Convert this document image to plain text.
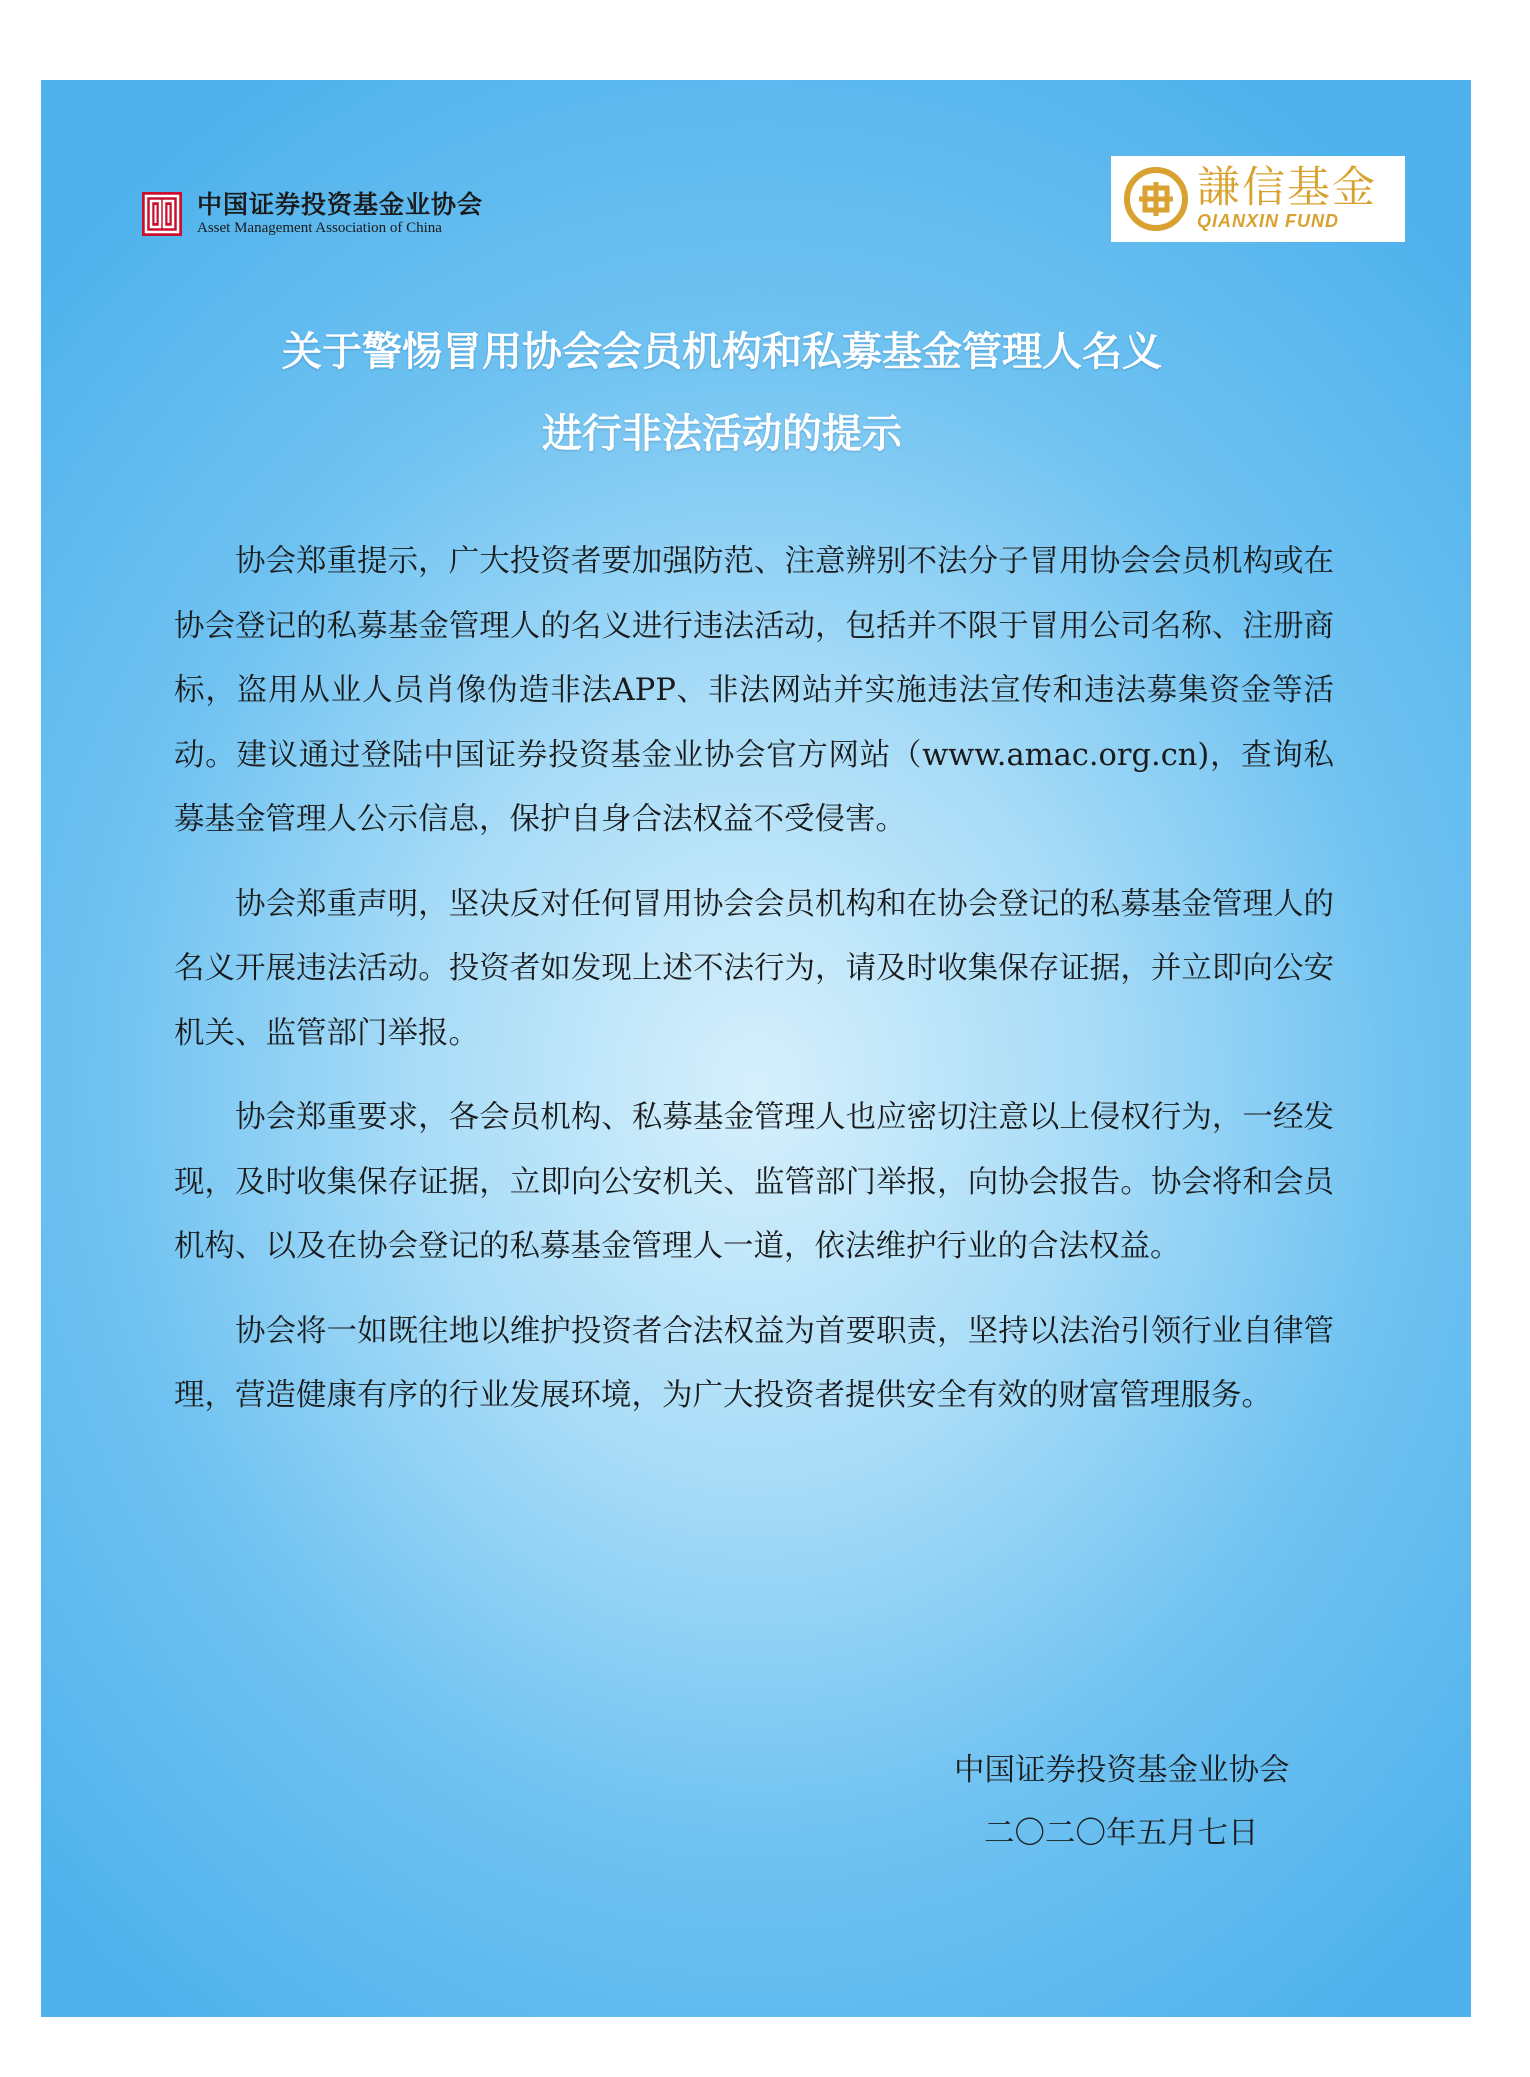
中国证券投资基金业协会
Asset Management Association of China
謙信基金
QIANXIN FUND
关于警惕冒用协会会员机构和私募基金管理人名义
进行非法活动的提示

协会郑重提示，广大投资者要加强防范、注意辨别不法分子冒用协会会员机构或在协会登记的私募基金管理人的名义进行违法活动，包括并不限于冒用公司名称、注册商标，盗用从业人员肖像伪造非法APP、非法网站并实施违法宣传和违法募集资金等活动。建议通过登陆中国证券投资基金业协会官方网站（www.amac.org.cn)，查询私募基金管理人公示信息，保护自身合法权益不受侵害。

协会郑重声明，坚决反对任何冒用协会会员机构和在协会登记的私募基金管理人的名义开展违法活动。投资者如发现上述不法行为，请及时收集保存证据，并立即向公安机关、监管部门举报。

协会郑重要求，各会员机构、私募基金管理人也应密切注意以上侵权行为，一经发现，及时收集保存证据，立即向公安机关、监管部门举报，向协会报告。协会将和会员机构、以及在协会登记的私募基金管理人一道，依法维护行业的合法权益。

协会将一如既往地以维护投资者合法权益为首要职责，坚持以法治引领行业自律管理，营造健康有序的行业发展环境，为广大投资者提供安全有效的财富管理服务。

中国证券投资基金业协会
二〇二〇年五月七日
